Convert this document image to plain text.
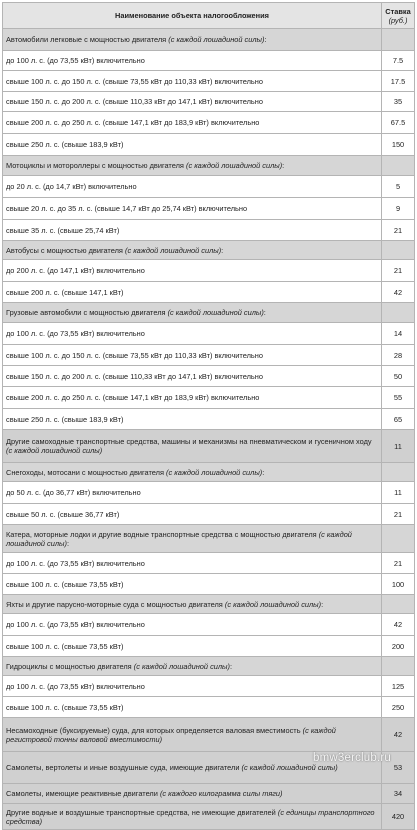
Наименование объекта налогообложения	Ставка
(руб.)
Автомобили легковые с мощностью двигателя (с каждой лошадиной силы):	
до 100 л. с. (до 73,55 кВт) включительно	7.5
свыше 100 л. с. до 150 л. с. (свыше 73,55 кВт до 110,33 кВт) включительно	17.5
свыше 150 л. с. до 200 л. с. (свыше 110,33 кВт до 147,1 кВт) включительно	35
свыше 200 л. с. до 250 л. с. (свыше 147,1 кВт до 183,9 кВт) включительно	67.5
свыше 250 л. с. (свыше 183,9 кВт)	150
Мотоциклы и мотороллеры с мощностью двигателя (с каждой лошадиной силы):	
до 20 л. с. (до 14,7 кВт) включительно	5
свыше 20 л. с. до 35 л. с. (свыше 14,7 кВт до 25,74 кВт) включительно	9
свыше 35 л. с. (свыше 25,74 кВт)	21
Автобусы с мощностью двигателя (с каждой лошадиной силы):	
до 200 л. с. (до 147,1 кВт) включительно	21
свыше 200 л. с. (свыше 147,1 кВт)	42
Грузовые автомобили с мощностью двигателя (с каждой лошадиной силы):	
до 100 л. с. (до 73,55 кВт) включительно	14
свыше 100 л. с. до 150 л. с. (свыше 73,55 кВт до 110,33 кВт) включительно	28
свыше 150 л. с. до 200 л. с. (свыше 110,33 кВт до 147,1 кВт) включительно	50
свыше 200 л. с. до 250 л. с. (свыше 147,1 кВт до 183,9 кВт) включительно	55
свыше 250 л. с. (свыше 183,9 кВт)	65
Другие самоходные транспортные средства, машины и механизмы на пневматическом и гусеничном ходу (с каждой лошадиной силы)	11
Снегоходы, мотосани с мощностью двигателя (с каждой лошадиной силы):	
до 50 л. с. (до 36,77 кВт) включительно	11
свыше 50 л. с. (свыше 36,77 кВт)	21
Катера, моторные лодки и другие водные транспортные средства с мощностью двигателя (с каждой лошадиной силы):	
до 100 л. с. (до 73,55 кВт) включительно	21
свыше 100 л. с. (свыше 73,55 кВт)	100
Яхты и другие парусно-моторные суда с мощностью двигателя (с каждой лошадиной силы):	
до 100 л. с. (до 73,55 кВт) включительно	42
свыше 100 л. с. (свыше 73,55 кВт)	200
Гидроциклы с мощностью двигателя (с каждой лошадиной силы):	
до 100 л. с. (до 73,55 кВт) включительно	125
свыше 100 л. с. (свыше 73,55 кВт)	250
Несамоходные (буксируемые) суда, для которых определяется валовая вместимость (с каждой регистровой тонны валовой вместимости)	42
Самолеты, вертолеты и иные воздушные суда, имеющие двигатели (с каждой лошадиной силы)	53
Самолеты, имеющие реактивные двигатели (с каждого килограмма силы тяги)	34
Другие водные и воздушные транспортные средства, не имеющие двигателей (с единицы транспортного средства)	420
bmw3erclub.ru
